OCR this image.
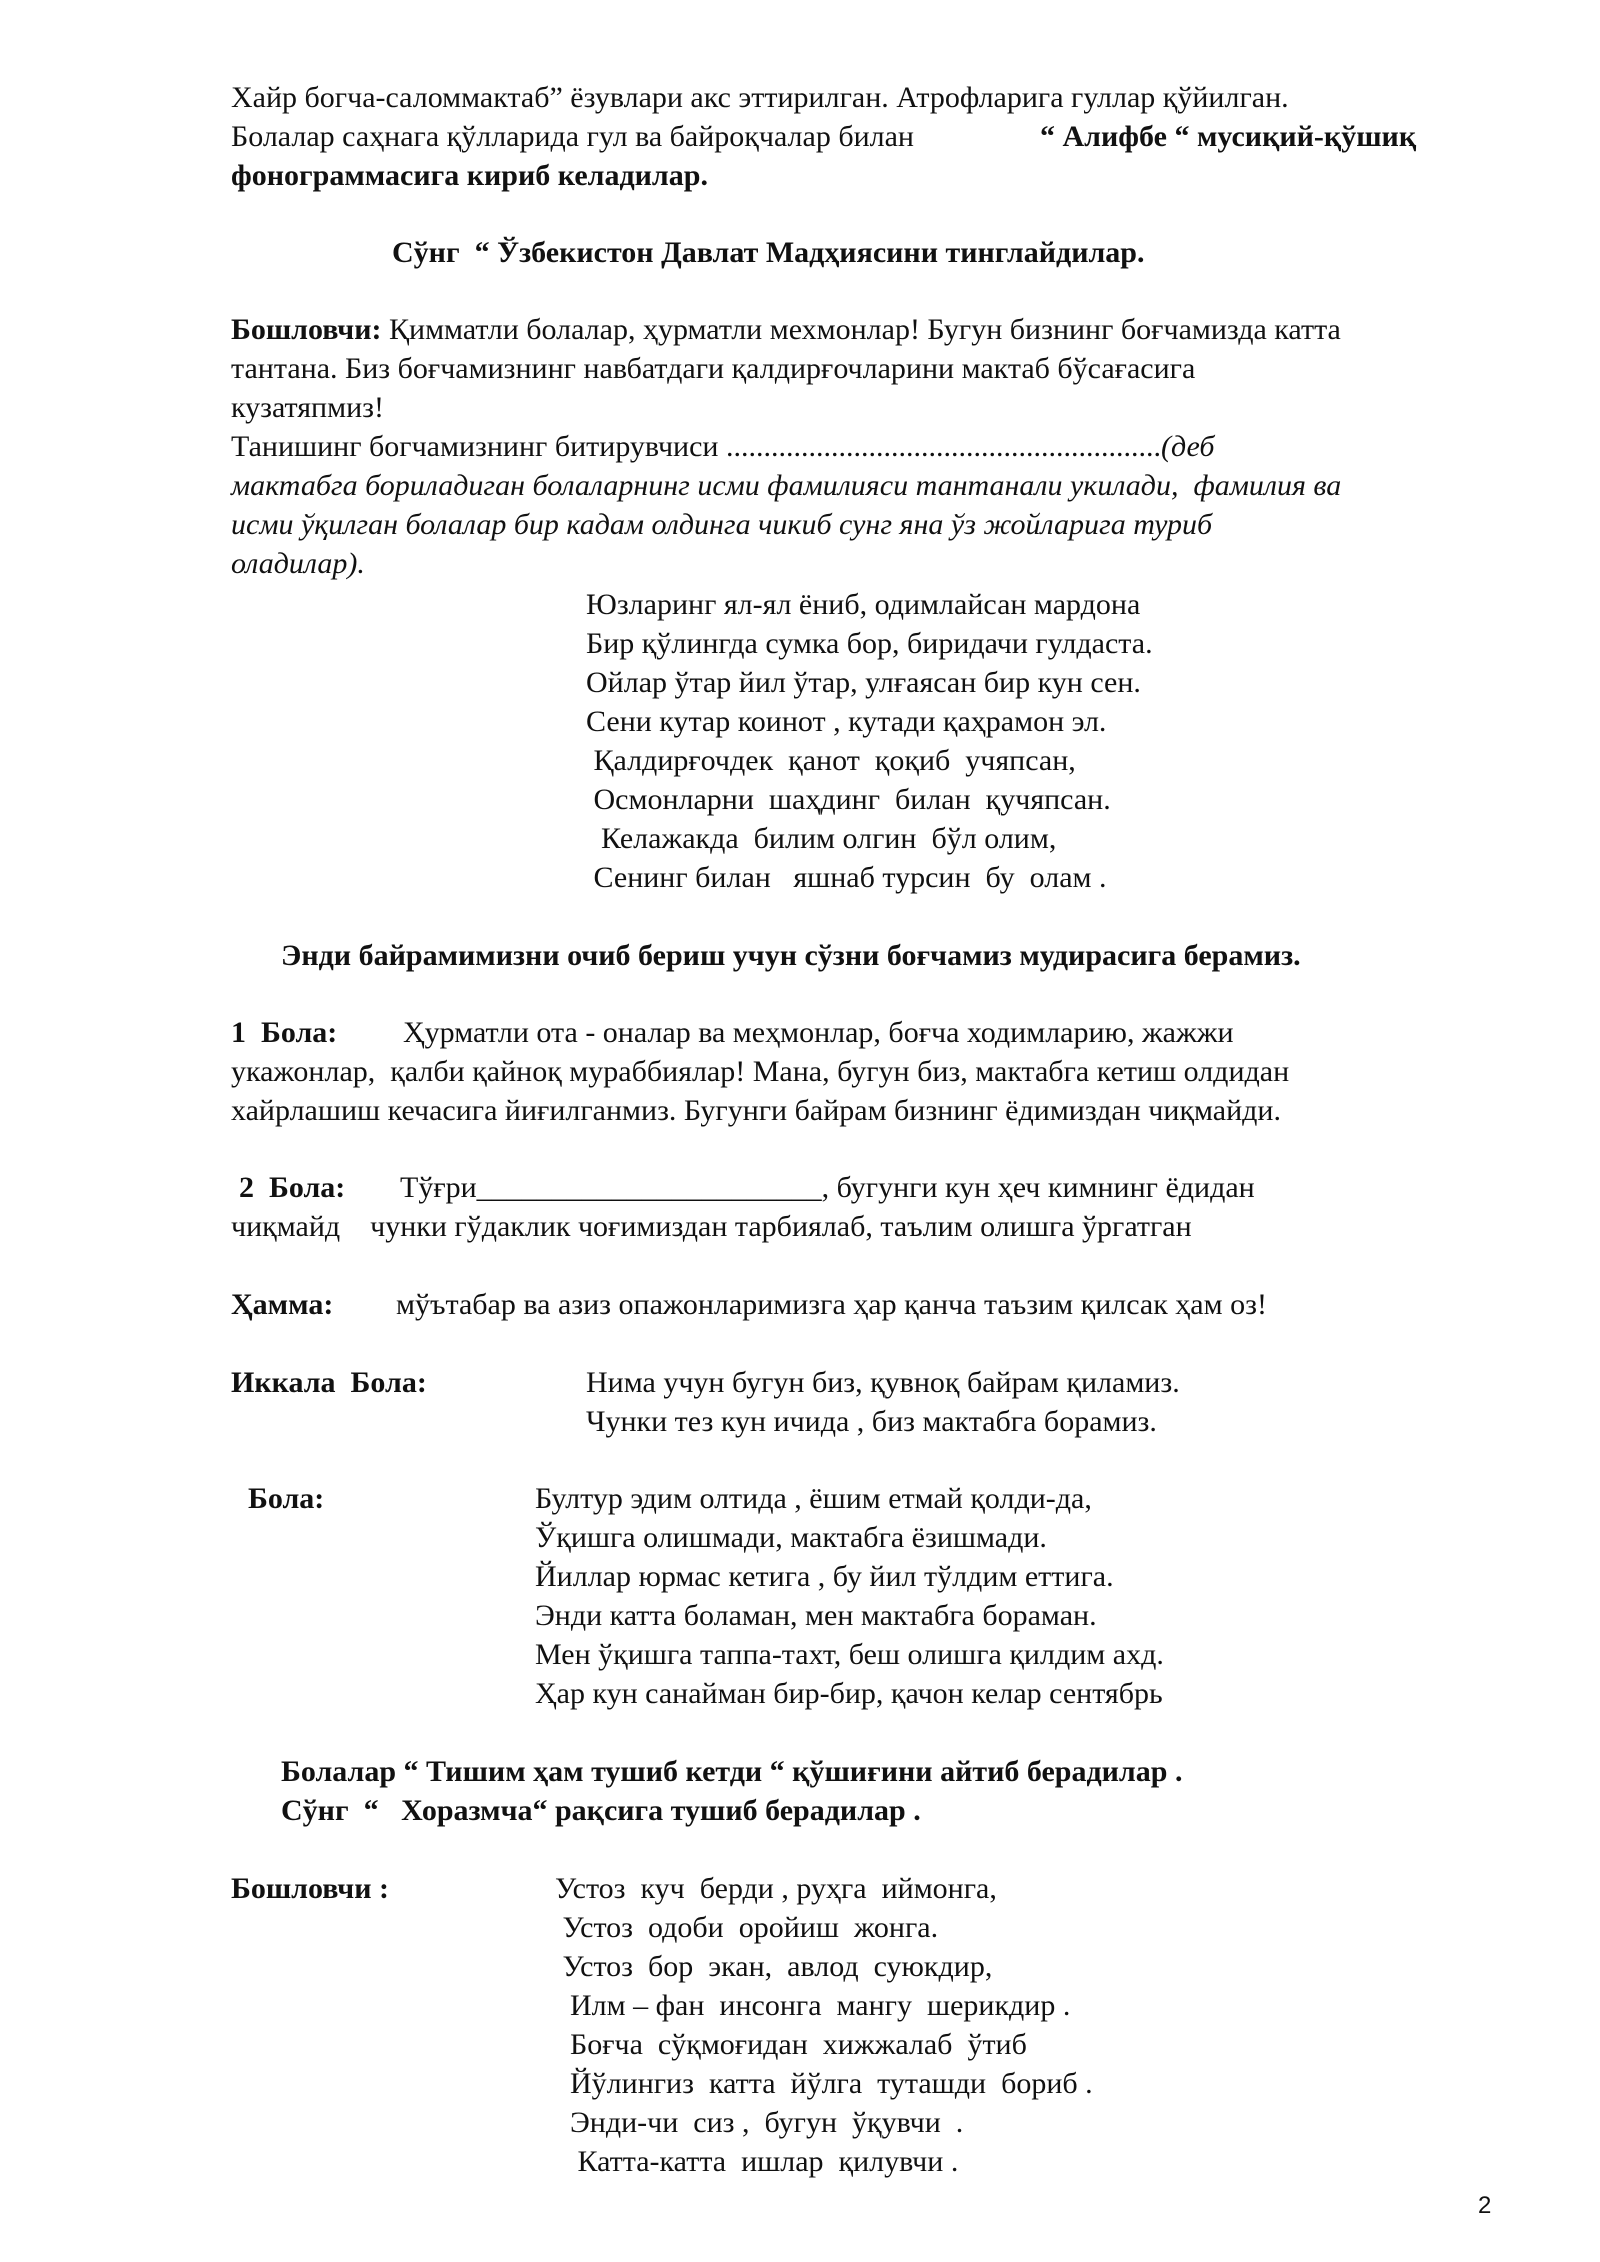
Хайр богча-саломмактаб” ёзувлари акс эттирилган. Атрофларига гуллар қўйилган.
Болалар саҳнага қўлларида гул ва байроқчалар билан	“ Алифбе “ мусиқий-қўшиқ
фонограммасига кириб келадилар.
Сўнг  “ Ўзбекистон Давлат Мадҳиясини тинглайдилар.
Бошловчи: Қимматли болалар, ҳурматли мехмонлар! Бугун бизнинг боғчамизда катта
тантана. Биз боғчамизнинг навбатдаги қалдирғочларини мактаб бўсағасига
кузатяпмиз!
Танишинг богчамизнинг битирувчиси ..........................................................(деб
мактабга бориладиган болаларнинг исми фамилияси тантанали укилади,  фамилия ва
исми ўқилган болалар бир кадам олдинга чикиб сунг яна ўз жойларига туриб
оладилар).
Юзларинг ял-ял ёниб, одимлайсан мардона
Бир қўлингда сумка бор, биридачи гулдаста.
Ойлар ўтар йил ўтар, улғаясан бир кун сен.
Сени кутар коинот , кутади қаҳрамон эл.
Қалдирғочдек  қанот  қоқиб  учяпсан,
Осмонларни  шаҳдинг  билан  қучяпсан.
Келажакда  билим олгин  бўл олим,
Сенинг билан   яшнаб турсин  бу  олам .
Энди байрамимизни очиб бериш учун сўзни боғчамиз мудирасига берамиз.
1  Бола: Ҳурматли ота - оналар ва меҳмонлар, боғча ходимларию, жажжи
укажонлар,  қалби қайноқ мураббиялар! Мана, бугун биз, мактабга кетиш олдидан
хайрлашиш кечасига йиғилганмиз. Бугунги байрам бизнинг ёдимиздан чиқмайди.
2  Бола: Тўғри_______________________, бугунги кун ҳеч кимнинг ёдидан
чиқмайд    чунки гўдаклик чоғимиздан тарбиялаб, таълим олишга ўргатган
Ҳамма: мўътабар ва азиз опажонларимизга ҳар қанча таъзим қилсак ҳам оз!
Иккала  Бола:	Нима учун бугун биз, қувноқ байрам қиламиз.
Чунки тез кун ичида , биз мактабга борамиз.
Бола:	Бултур эдим олтида , ёшим етмай қолди-да,
Ўқишга олишмади, мактабга ёзишмади.
Йиллар юрмас кетига , бу йил тўлдим еттига.
Энди катта боламан, мен мактабга бораман.
Мен ўқишга таппа-тахт, беш олишга қилдим ахд.
Ҳар кун санайман бир-бир, қачон келар сентябрь
Болалар “ Тишим ҳам тушиб кетди “ қўшиғини айтиб берадилар .
Сўнг  “   Хоразмча“ рақсига тушиб берадилар .
Бошловчи :	Устоз  куч  берди , руҳга  иймонга,
Устоз  одоби  оройиш  жонга.
Устоз  бор  экан,  авлод  суюкдир,
Илм – фан  инсонга  мангу  шерикдир .
Боғча  сўқмоғидан  хижжалаб  ўтиб
Йўлингиз  катта  йўлга  туташди  бориб .
Энди-чи  сиз ,  бугун  ўқувчи  .
Катта-катта  ишлар  қилувчи .
2
